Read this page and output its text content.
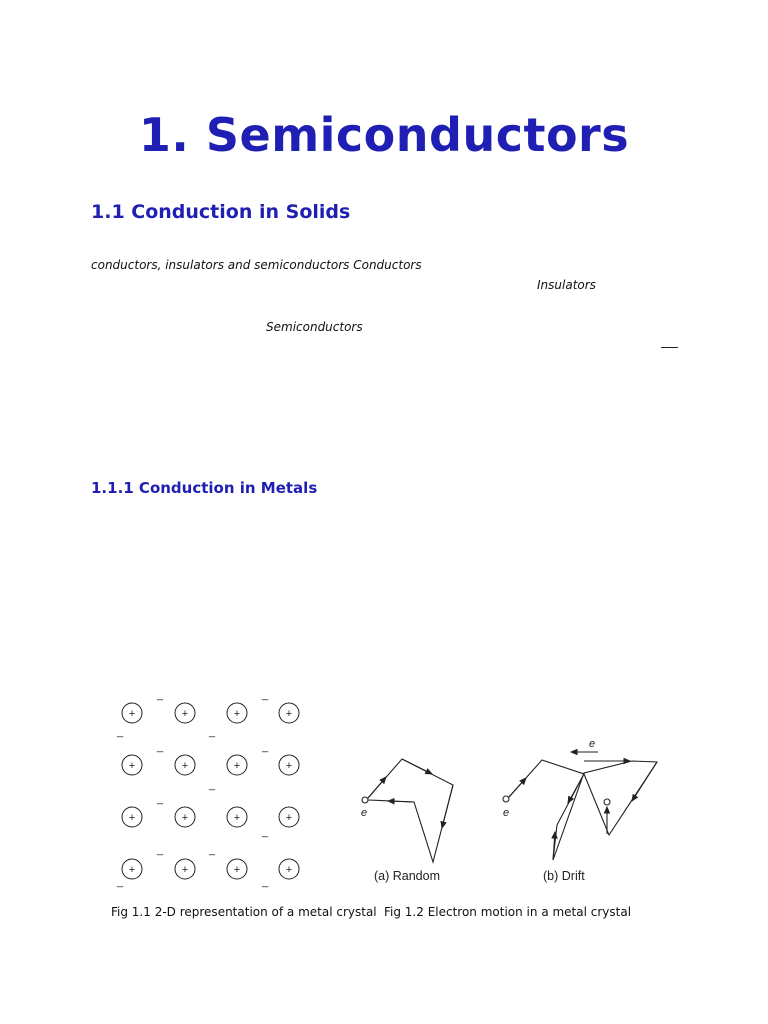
1. Semiconductors
1.1 Conduction in Solids
conductors, insulators and semiconductors Conductors
Insulators
Semiconductors
1.1.1 Conduction in Metals
+	+	+	+
+	+	+	+
+	+	+	+
+	+	+	+
_	_
_	_
_	_
_
_
_
_	_
_	_
e
(a) Random
e
e
(b) Drift
Fig 1.1 2-D representation of a metal crystal Fig 1.2 Electron motion in a metal crystal
